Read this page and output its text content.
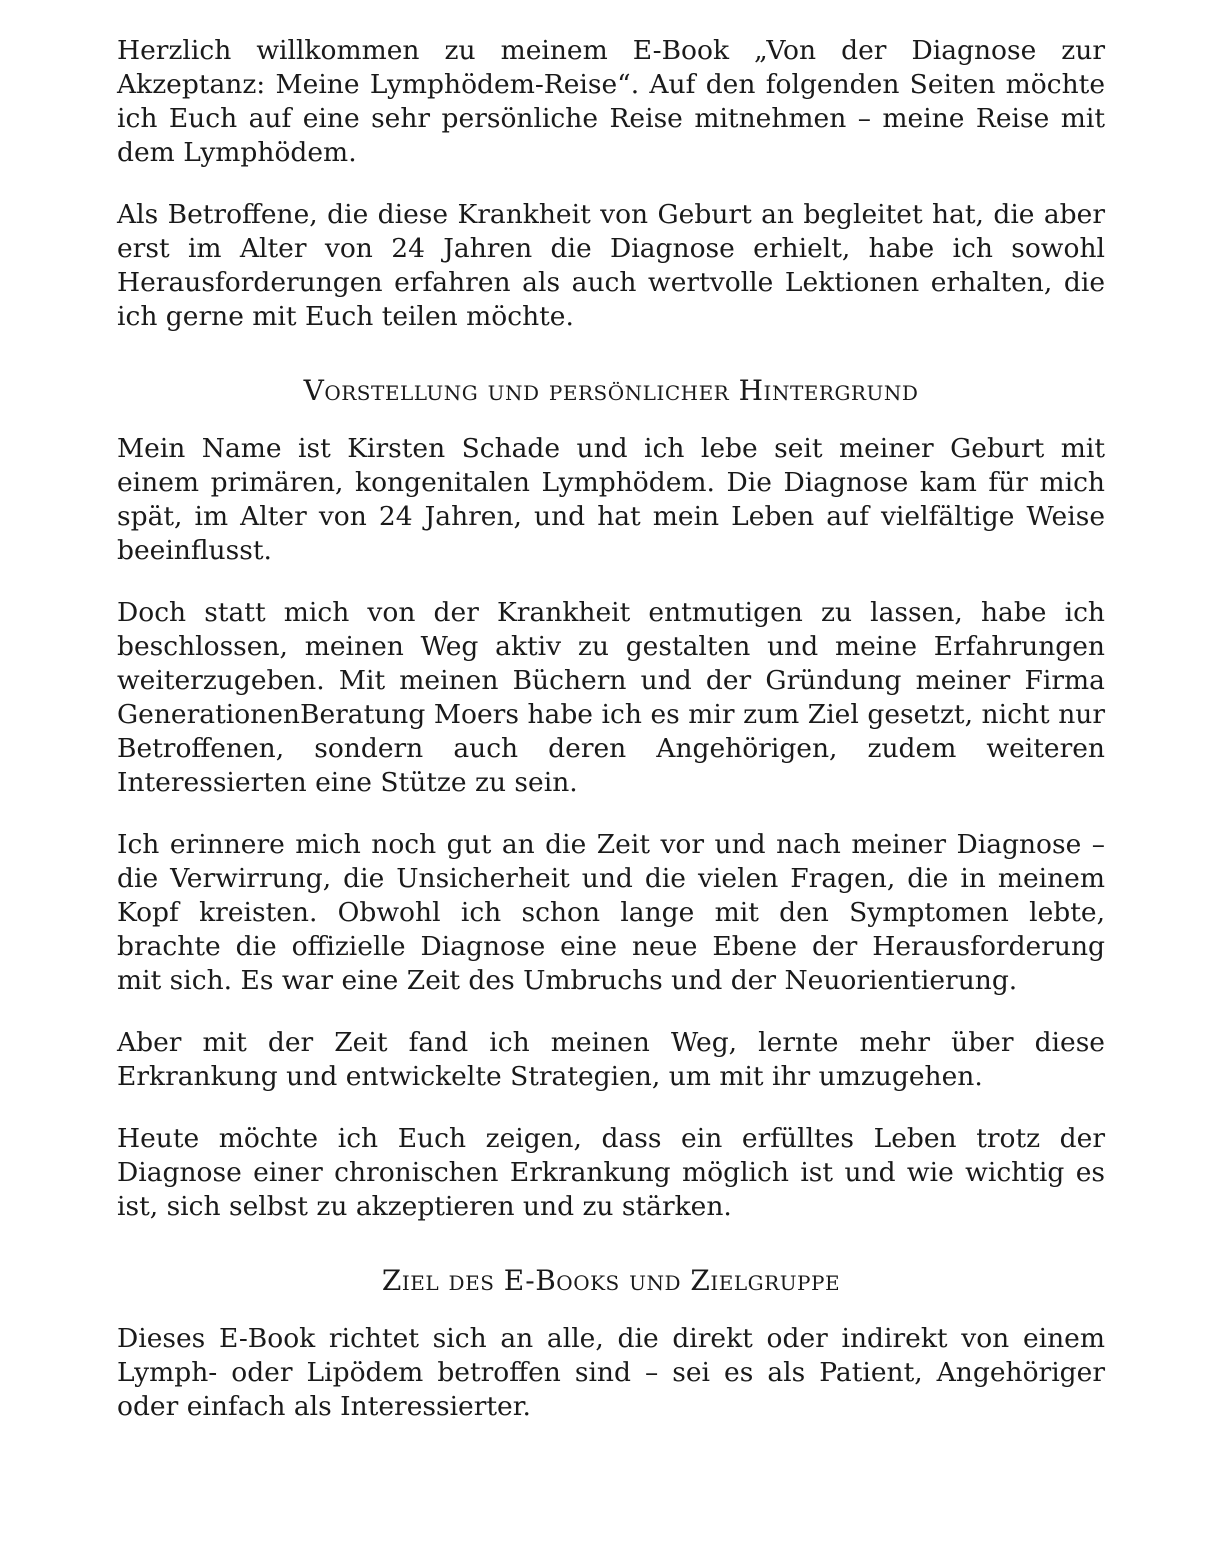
Herzlich willkommen zu meinem E-Book „Von der Diagnose zur Akzeptanz: Meine Lymphödem-Reise“. Auf den folgenden Seiten möchte ich Euch auf eine sehr persönliche Reise mitnehmen – meine Reise mit dem Lymphödem.

Als Betroffene, die diese Krankheit von Geburt an begleitet hat, die aber erst im Alter von 24 Jahren die Diagnose erhielt, habe ich sowohl Herausforderungen erfahren als auch wertvolle Lektionen erhalten, die ich gerne mit Euch teilen möchte.

Vorstellung und persönlicher Hintergrund

Mein Name ist Kirsten Schade und ich lebe seit meiner Geburt mit einem primären, kongenitalen Lymphödem. Die Diagnose kam für mich spät, im Alter von 24 Jahren, und hat mein Leben auf vielfältige Weise beeinflusst.

Doch statt mich von der Krankheit entmutigen zu lassen, habe ich beschlossen, meinen Weg aktiv zu gestalten und meine Erfahrungen weiterzugeben. Mit meinen Büchern und der Gründung meiner Firma GenerationenBeratung Moers habe ich es mir zum Ziel gesetzt, nicht nur Betroffenen, sondern auch deren Angehörigen, zudem weiteren Interessierten eine Stütze zu sein.

Ich erinnere mich noch gut an die Zeit vor und nach meiner Diagnose – die Verwirrung, die Unsicherheit und die vielen Fragen, die in meinem Kopf kreisten. Obwohl ich schon lange mit den Symptomen lebte, brachte die offizielle Diagnose eine neue Ebene der Herausforderung mit sich. Es war eine Zeit des Umbruchs und der Neuorientierung.

Aber mit der Zeit fand ich meinen Weg, lernte mehr über diese Erkrankung und entwickelte Strategien, um mit ihr umzugehen.

Heute möchte ich Euch zeigen, dass ein erfülltes Leben trotz der Diagnose einer chronischen Erkrankung möglich ist und wie wichtig es ist, sich selbst zu akzeptieren und zu stärken.

Ziel des E-Books und Zielgruppe

Dieses E-Book richtet sich an alle, die direkt oder indirekt von einem Lymph- oder Lipödem betroffen sind – sei es als Patient, Angehöriger oder einfach als Interessierter.
